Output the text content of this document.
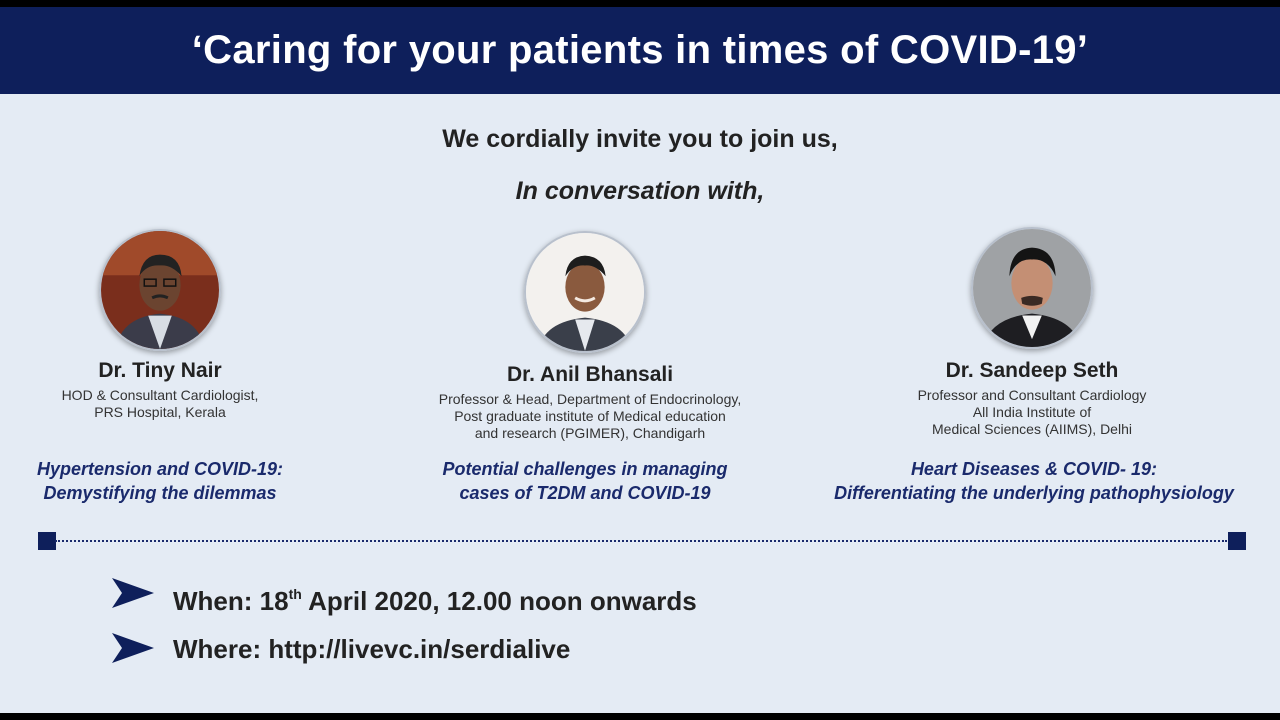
‘Caring for your patients in times of COVID-19’
We cordially invite you to join us,
In conversation with,
Dr. Tiny Nair
HOD & Consultant Cardiologist,
PRS Hospital, Kerala
Hypertension and COVID-19:
Demystifying the dilemmas
Dr. Anil Bhansali
Professor & Head, Department of Endocrinology,
Post graduate institute of Medical education
and research (PGIMER), Chandigarh
Potential challenges in managing
cases of T2DM and COVID-19
Dr. Sandeep Seth
Professor and Consultant Cardiology
All India Institute of
Medical Sciences (AIIMS), Delhi
Heart Diseases & COVID- 19:
Differentiating the underlying pathophysiology
When: 18th April 2020, 12.00 noon onwards
Where: http://livevc.in/serdialive
